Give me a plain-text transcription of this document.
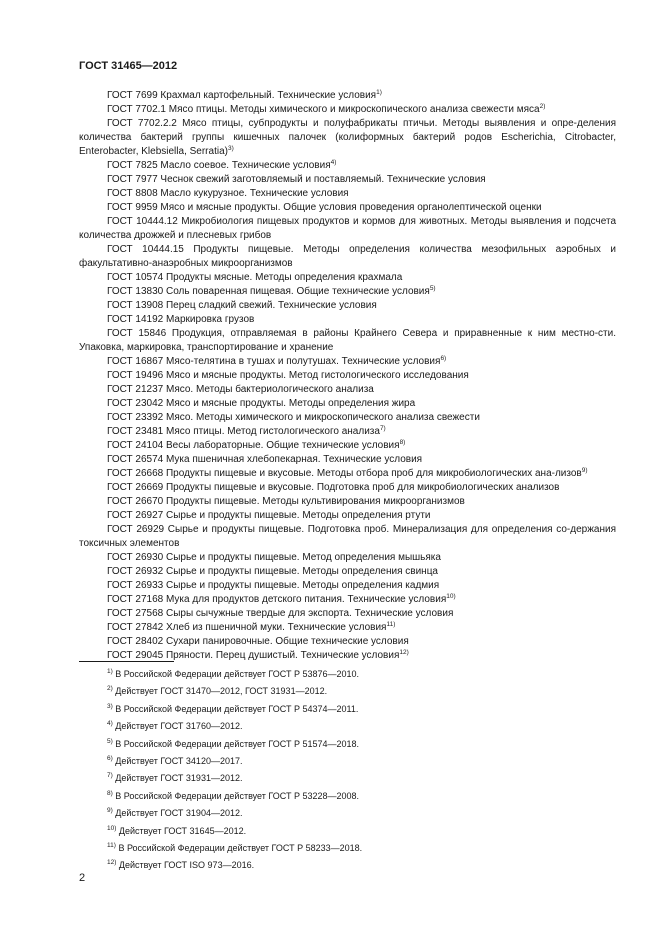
ГОСТ 31465—2012
ГОСТ 7699 Крахмал картофельный. Технические условия$^{1)}$
ГОСТ 7702.1 Мясо птицы. Методы химического и микроскопического анализа свежести мяса$^{2)}$
ГОСТ 7702.2.2 Мясо птицы, субпродукты и полуфабрикаты птичьи. Методы выявления и опре-деления количества бактерий группы кишечных палочек (колиформных бактерий родов Escherichia, Citrobacter, Enterobacter, Klebsiella, Serratia)$^{3)}$
ГОСТ 7825 Масло соевое. Технические условия$^{4)}$
ГОСТ 7977 Чеснок свежий заготовляемый и поставляемый. Технические условия
ГОСТ 8808 Масло кукурузное. Технические условия
ГОСТ 9959 Мясо и мясные продукты. Общие условия проведения органолептической оценки
ГОСТ 10444.12 Микробиология пищевых продуктов и кормов для животных. Методы выявления и подсчета количества дрожжей и плесневых грибов
ГОСТ 10444.15 Продукты пищевые. Методы определения количества мезофильных аэробных и факультативно-анаэробных микроорганизмов
ГОСТ 10574 Продукты мясные. Методы определения крахмала
ГОСТ 13830 Соль поваренная пищевая. Общие технические условия$^{5)}$
ГОСТ 13908 Перец сладкий свежий. Технические условия
ГОСТ 14192 Маркировка грузов
ГОСТ 15846 Продукция, отправляемая в районы Крайнего Севера и приравненные к ним местно-сти. Упаковка, маркировка, транспортирование и хранение
ГОСТ 16867 Мясо-телятина в тушах и полутушах. Технические условия$^{6)}$
ГОСТ 19496 Мясо и мясные продукты. Метод гистологического исследования
ГОСТ 21237 Мясо. Методы бактериологического анализа
ГОСТ 23042 Мясо и мясные продукты. Методы определения жира
ГОСТ 23392 Мясо. Методы химического и микроскопического анализа свежести
ГОСТ 23481 Мясо птицы. Метод гистологического анализа$^{7)}$
ГОСТ 24104 Весы лабораторные. Общие технические условия$^{8)}$
ГОСТ 26574 Мука пшеничная хлебопекарная. Технические условия
ГОСТ 26668 Продукты пищевые и вкусовые. Методы отбора проб для микробиологических ана-лизов$^{9)}$
ГОСТ 26669 Продукты пищевые и вкусовые. Подготовка проб для микробиологических анализов
ГОСТ 26670 Продукты пищевые. Методы культивирования микроорганизмов
ГОСТ 26927 Сырье и продукты пищевые. Методы определения ртути
ГОСТ 26929 Сырье и продукты пищевые. Подготовка проб. Минерализация для определения со-держания токсичных элементов
ГОСТ 26930 Сырье и продукты пищевые. Метод определения мышьяка
ГОСТ 26932 Сырье и продукты пищевые. Методы определения свинца
ГОСТ 26933 Сырье и продукты пищевые. Методы определения кадмия
ГОСТ 27168 Мука для продуктов детского питания. Технические условия$^{10)}$
ГОСТ 27568 Сыры сычужные твердые для экспорта. Технические условия
ГОСТ 27842 Хлеб из пшеничной муки. Технические условия$^{11)}$
ГОСТ 28402 Сухари панировочные. Общие технические условия
ГОСТ 29045 Пряности. Перец душистый. Технические условия$^{12)}$
$^{1)}$ В Российской Федерации действует ГОСТ Р 53876—2010.
$^{2)}$ Действует ГОСТ 31470—2012, ГОСТ 31931—2012.
$^{3)}$ В Российской Федерации действует ГОСТ Р 54374—2011.
$^{4)}$ Действует ГОСТ 31760—2012.
$^{5)}$ В Российской Федерации действует ГОСТ Р 51574—2018.
$^{6)}$ Действует ГОСТ 34120—2017.
$^{7)}$ Действует ГОСТ 31931—2012.
$^{8)}$ В Российской Федерации действует ГОСТ Р 53228—2008.
$^{9)}$ Действует ГОСТ 31904—2012.
$^{10)}$ Действует ГОСТ 31645—2012.
$^{11)}$ В Российской Федерации действует ГОСТ Р 58233—2018.
$^{12)}$ Действует ГОСТ ISO 973—2016.
2
